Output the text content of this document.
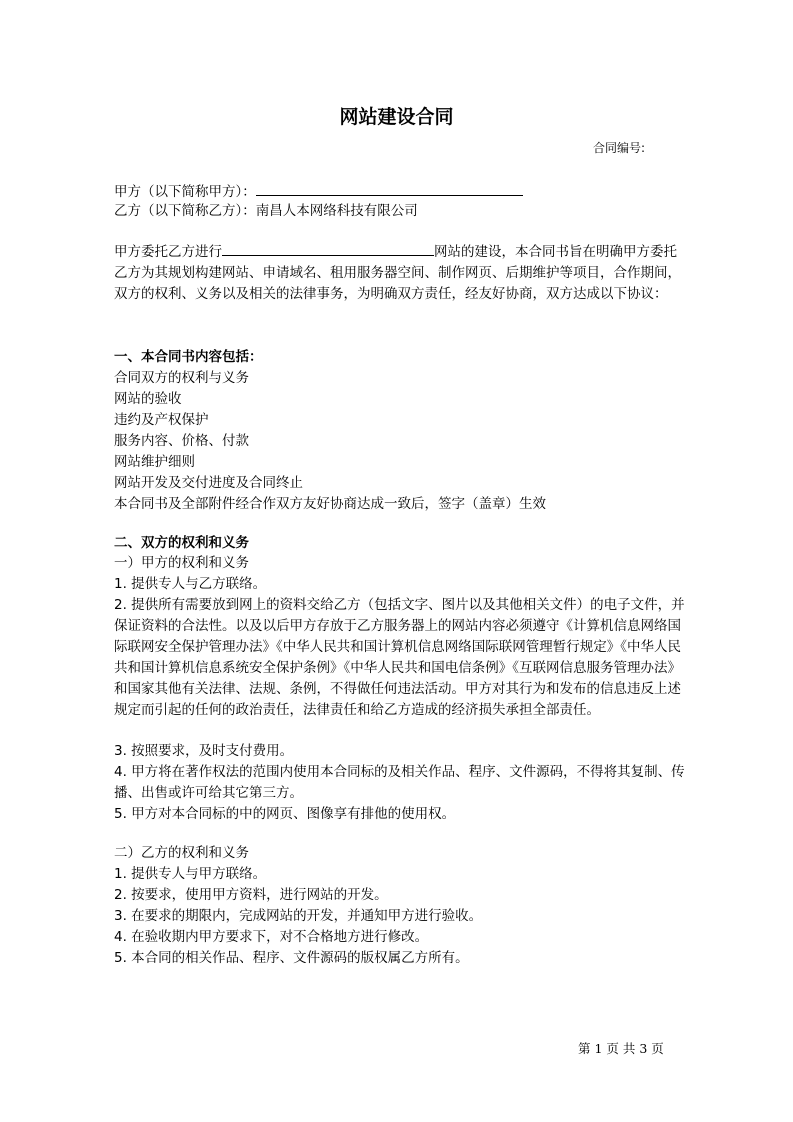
网站建设合同
合同编号:
甲方（以下简称甲方）：
乙方（以下简称乙方）：南昌人本网络科技有限公司

甲方委托乙方进行	网站的建设，本合同书旨在明确甲方委托乙方为其规划构建网站、申请域名、租用服务器空间、制作网页、后期维护等项目，合作期间，双方的权利、义务以及相关的法律事务，为明确双方责任，经友好协商，双方达成以下协议：

一、本合同书内容包括：
合同双方的权利与义务
网站的验收
违约及产权保护
服务内容、价格、付款
网站维护细则
网站开发及交付进度及合同终止
本合同书及全部附件经合作双方友好协商达成一致后，签字（盖章）生效
二、双方的权利和义务
一）甲方的权利和义务
1. 提供专人与乙方联络。

2. 提供所有需要放到网上的资料交给乙方（包括文字、图片以及其他相关文件）的电子文件，并保证资料的合法性。以及以后甲方存放于乙方服务器上的网站内容必须遵守《计算机信息网络国际联网安全保护管理办法》《中华人民共和国计算机信息网络国际联网管理暂行规定》《中华人民共和国计算机信息系统安全保护条例》《中华人民共和国电信条例》《互联网信息服务管理办法》和国家其他有关法律、法规、条例，不得做任何违法活动。甲方对其行为和发布的信息违反上述规定而引起的任何的政治责任，法律责任和给乙方造成的经济损失承担全部责任。

3. 按照要求，及时支付费用。

4. 甲方将在著作权法的范围内使用本合同标的及相关作品、程序、文件源码，不得将其复制、传播、出售或许可给其它第三方。

5. 甲方对本合同标的中的网页、图像享有排他的使用权。
二）乙方的权利和义务
1. 提供专人与甲方联络。
2. 按要求，使用甲方资料，进行网站的开发。
3. 在要求的期限内，完成网站的开发，并通知甲方进行验收。
4. 在验收期内甲方要求下，对不合格地方进行修改。
5. 本合同的相关作品、程序、文件源码的版权属乙方所有。
第 1 页 共 3 页
